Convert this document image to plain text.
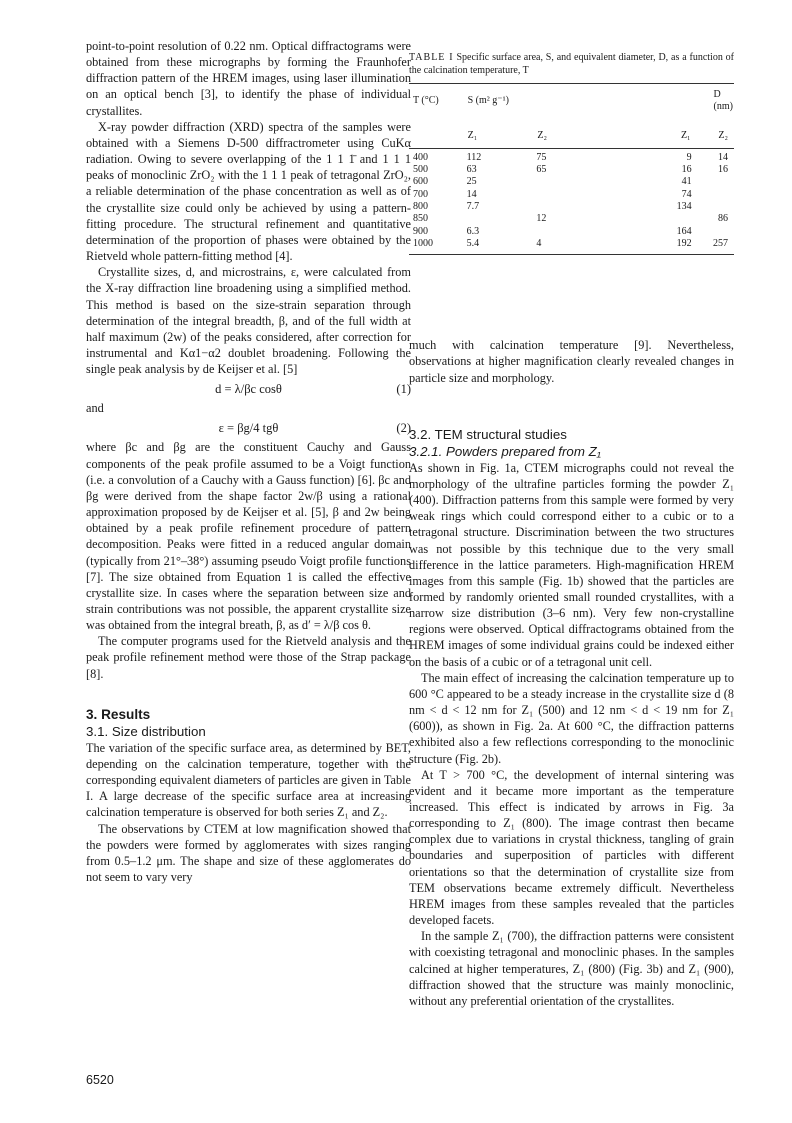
point-to-point resolution of 0.22 nm. Optical diffractograms were obtained from these micrographs by forming the Fraunhofer diffraction pattern of the HREM images, using laser illumination on an optical bench [3], to identify the phase of individual crystallites.

X-ray powder diffraction (XRD) spectra of the samples were obtained with a Siemens D-500 diffractrometer using CuKα radiation. Owing to severe overlapping of the 1 1 1̄ and 1 1 1 peaks of monoclinic ZrO₂ with the 1 1 1 peak of tetragonal ZrO₂, a reliable determination of the phase concentration as well as of the crystallite size could only be achieved by using a pattern-fitting procedure. The structural refinement and quantitative determination of the proportion of phases were obtained by the Rietveld whole pattern-fitting method [4].

Crystallite sizes, d, and microstrains, ε, were calculated from the X-ray diffraction line broadening using a simplified method. This method is based on the size-strain separation through determination of the integral breadth, β, and of the full width at half maximum (2w) of the peaks considered, after correction for instrumental and Kα1−α2 doublet broadening. Following the single peak analysis by de Keijser et al. [5]

d = λ/βc cosθ	(1)

and

ε = βg/4 tgθ	(2)

where βc and βg are the constituent Cauchy and Gauss components of the peak profile assumed to be a Voigt function (i.e. a convolution of a Cauchy with a Gauss function) [6]. βc and βg were derived from the shape factor 2w/β using a rational approximation proposed by de Keijser et al. [5], β and 2w being obtained by a peak profile refinement procedure of pattern decomposition. Peaks were fitted in a reduced angular domain (typically from 21°–38°) assuming pseudo Voigt profile functions [7]. The size obtained from Equation 1 is called the effective crystallite size. In cases where the separation between size and strain contributions was not possible, the apparent crystallite size was obtained from the integral breath, β, as d′ = λ/β cos θ.

The computer programs used for the Rietveld analysis and the peak profile refinement method were those of the Strap package [8].

3. Results
3.1. Size distribution

The variation of the specific surface area, as determined by BET, depending on the calcination temperature, together with the corresponding equivalent diameters of particles are given in Table I. A large decrease of the specific surface area at increasing calcination temperature is observed for both series Z₁ and Z₂.

The observations by CTEM at low magnification showed that the powders were formed by agglomerates with sizes ranging from 0.5–1.2 μm. The shape and size of these agglomerates do not seem to vary very

TABLE I Specific surface area, S, and equivalent diameter, D, as a function of the calcination temperature, T
T (°C)	S (m² g⁻¹)		D (nm)	
	Z₁	Z₂	Z₁	Z₂
400	112	75	9	14
500	63	65	16	16
600	25		41	
700	14		74	
800	7.7		134	
850		12		86
900	6.3		164	
1000	5.4	4	192	257

much with calcination temperature [9]. Nevertheless, observations at higher magnification clearly revealed changes in particle size and morphology.

3.2. TEM structural studies
3.2.1. Powders prepared from Z₁

As shown in Fig. 1a, CTEM micrographs could not reveal the morphology of the ultrafine particles forming the powder Z₁ (400). Diffraction patterns from this sample were formed by very weak rings which could correspond either to a cubic or to a tetragonal structure. Discrimination between the two structures was not possible by this technique due to the very small difference in the lattice parameters. High-magnification HREM images from this sample (Fig. 1b) showed that the particles are formed by randomly oriented small rounded crystallites, with a narrow size distribution (3–6 nm). Very few non-crystalline regions were observed. Optical diffractograms obtained from the HREM images of some individual grains could be indexed either on the basis of a cubic or of a tetragonal unit cell.

The main effect of increasing the calcination temperature up to 600 °C appeared to be a steady increase in the crystallite size d (8 nm < d < 12 nm for Z₁ (500) and 12 nm < d < 19 nm for Z₁ (600)), as shown in Fig. 2a. At 600 °C, the diffraction patterns exhibited also a few reflections corresponding to the monoclinic structure (Fig. 2b).

At T > 700 °C, the development of internal sintering was evident and it became more important as the temperature increased. This effect is indicated by arrows in Fig. 3a corresponding to Z₁ (800). The image contrast then became complex due to variations in crystal thickness, tangling of grain boundaries and superposition of particles with different orientations so that the determination of crystallite size from TEM observations became extremely difficult. Nevertheless HREM images from these samples revealed that the particles developed facets.

In the sample Z₁ (700), the diffraction patterns were consistent with coexisting tetragonal and monoclinic phases. In the samples calcined at higher temperatures, Z₁ (800) (Fig. 3b) and Z₁ (900), diffraction showed that the structure was mainly monoclinic, without any preferential orientation of the crystallites.

6520
